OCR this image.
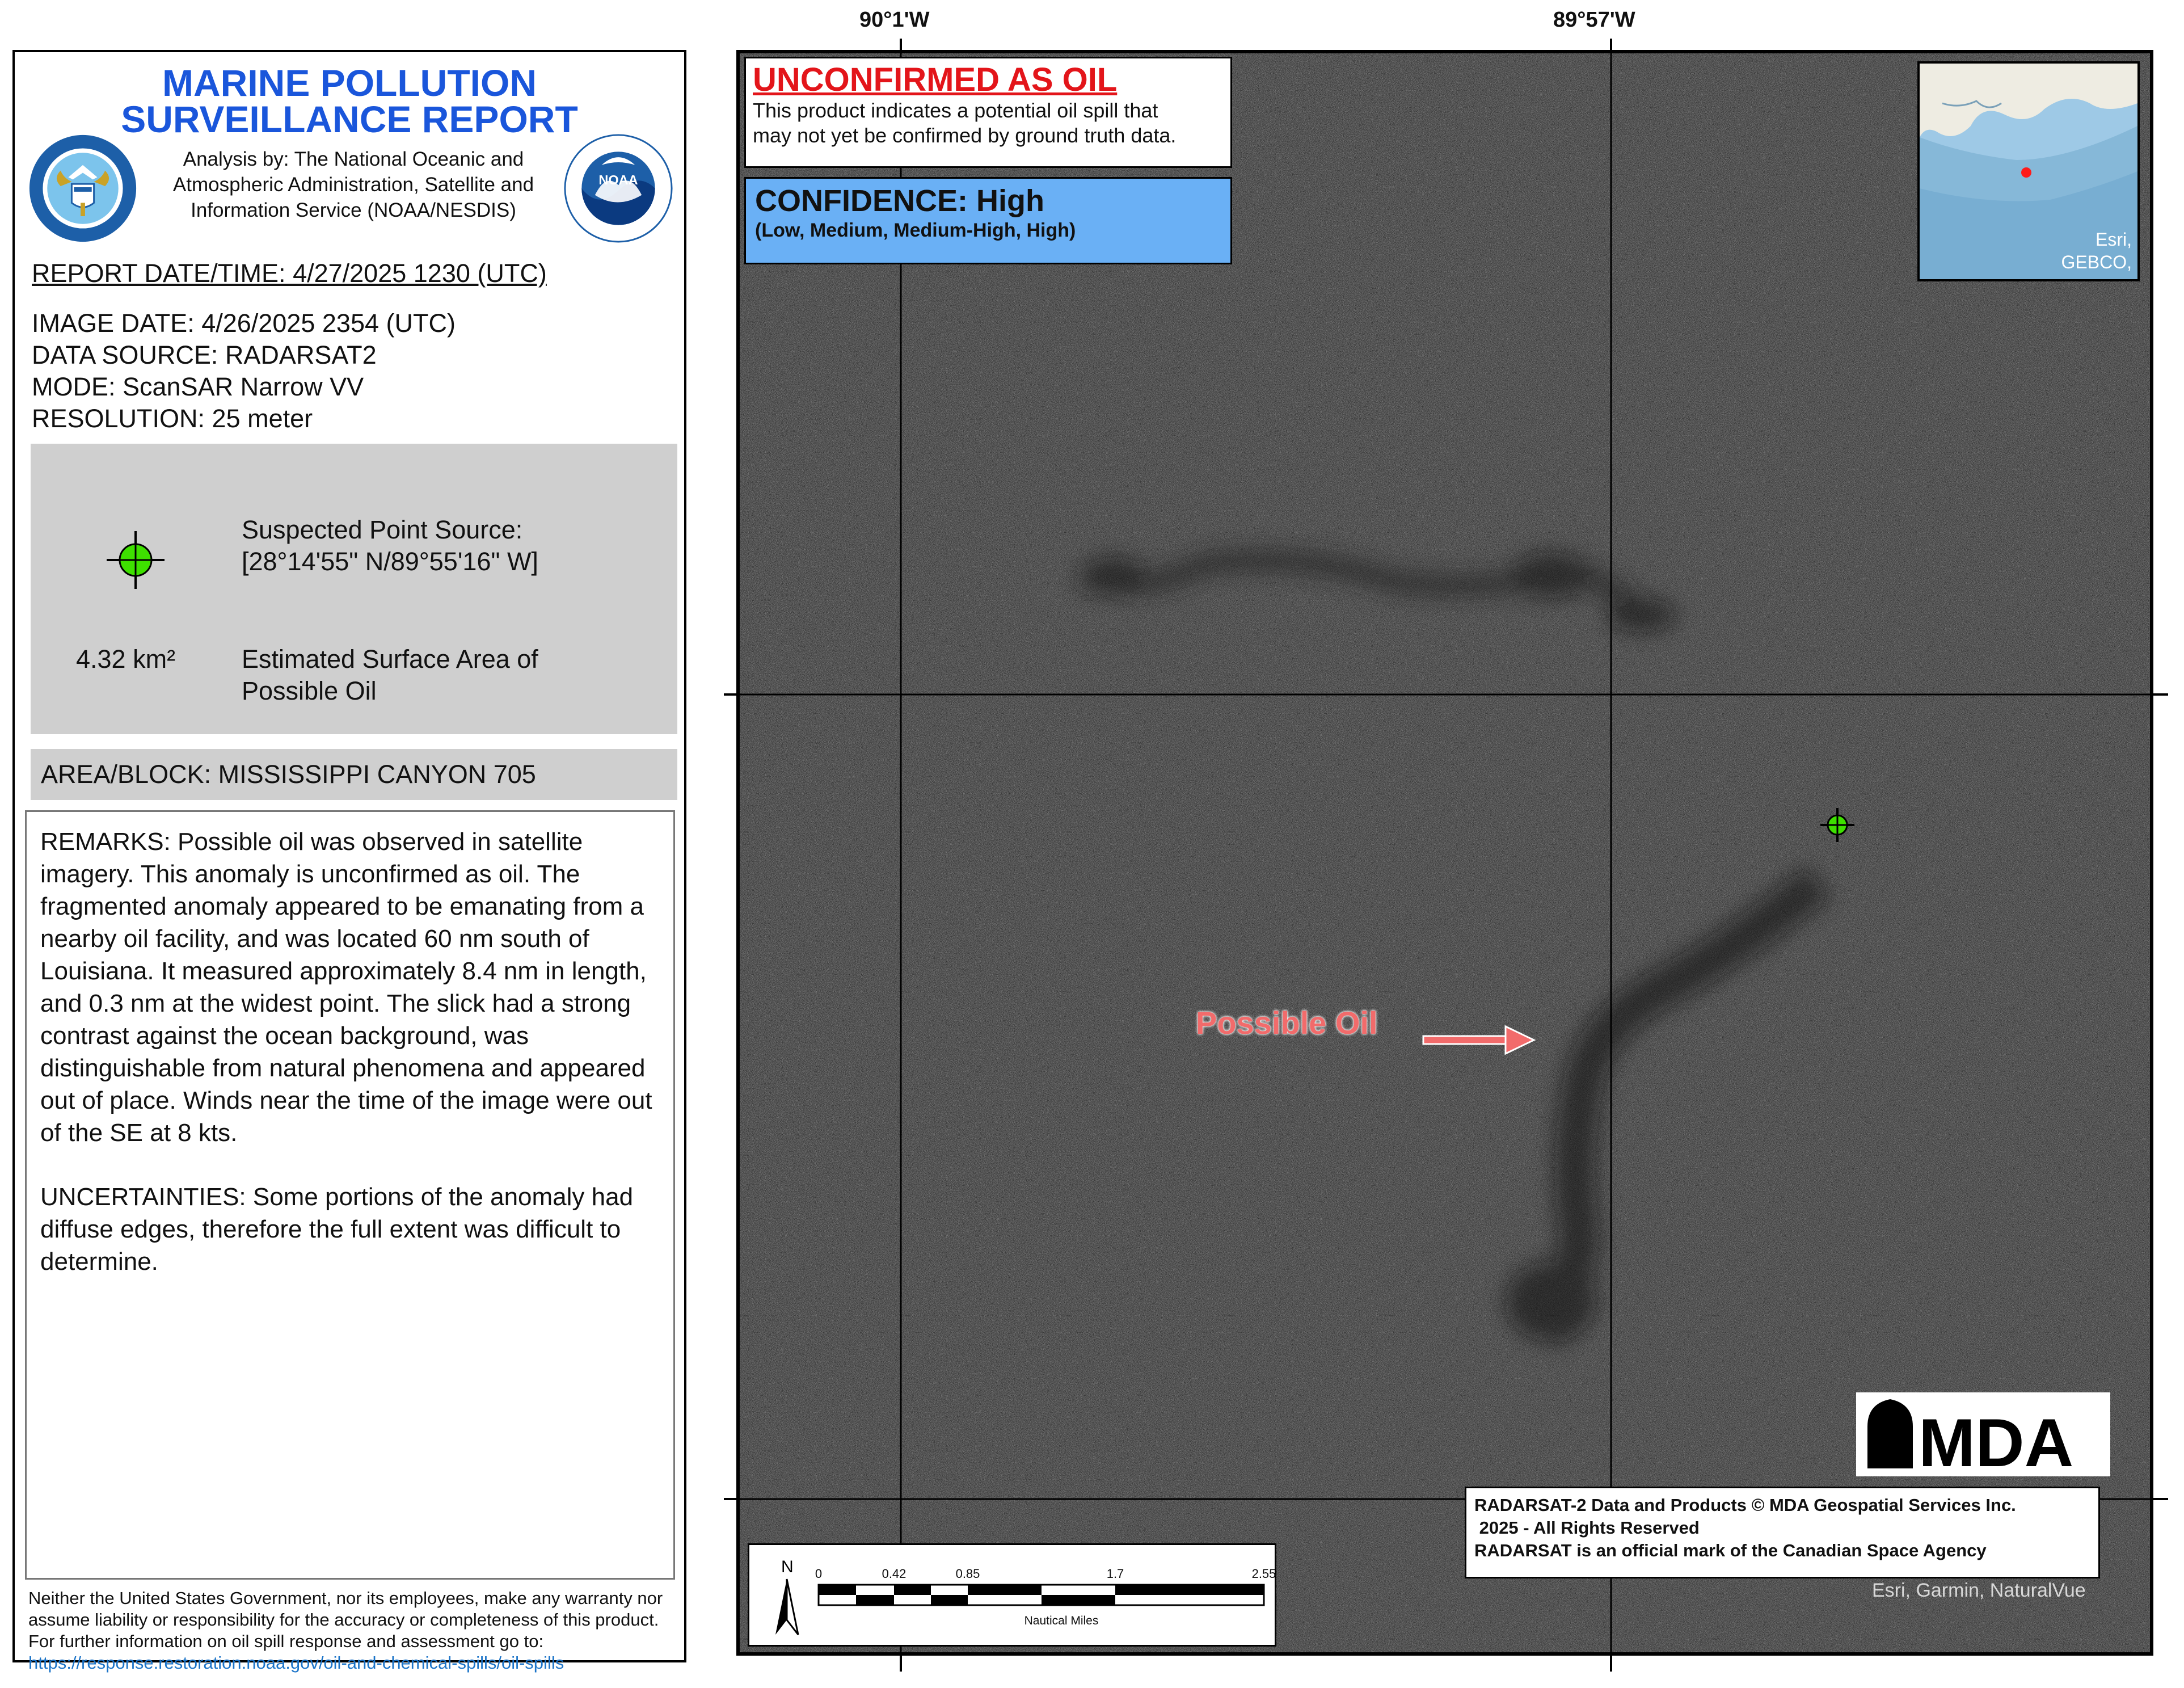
MARINE POLLUTION
SURVEILLANCE REPORT
Analysis by: The National Oceanic and
Atmospheric Administration, Satellite and
Information Service (NOAA/NESDIS)
NOAA
REPORT DATE/TIME: 4/27/2025 1230 (UTC)
IMAGE DATE: 4/26/2025 2354 (UTC)
DATA SOURCE: RADARSAT2
MODE: ScanSAR Narrow VV
RESOLUTION: 25 meter
Suspected Point Source:
[28°14'55" N/89°55'16" W]
4.32 km²	Estimated Surface Area of
Possible Oil
AREA/BLOCK: MISSISSIPPI CANYON 705

REMARKS: Possible oil was observed in satellite imagery. This anomaly is unconfirmed as oil. The fragmented anomaly appeared to be emanating from a nearby oil facility, and was located 60 nm south of Louisiana. It measured approximately 8.4 nm in length, and 0.3 nm at the widest point. The slick had a strong contrast against the ocean background, was distinguishable from natural phenomena and appeared out of place. Winds near the time of the image were out of the SE at 8 kts.

UNCERTAINTIES: Some portions of the anomaly had diffuse edges, therefore the full extent was difficult to determine.

Neither the United States Government, nor its employees, make any warranty nor assume liability or responsibility for the accuracy or completeness of this product.
For further information on oil spill response and assessment go to: https://response.restoration.noaa.gov/oil-and-chemical-spills/oil-spills
90°1'W	89°57'W
UNCONFIRMED AS OIL
This product indicates a potential oil spill that
may not yet be confirmed by ground truth data.
CONFIDENCE: High
(Low, Medium, Medium-High, High)	Esri,
GEBCO,
Possible Oil
MDA
RADARSAT-2 Data and Products © MDA Geospatial Services Inc.
2025 - All Rights Reserved
RADARSAT is an official mark of the Canadian Space Agency
Esri, Garmin, NaturalVue
N 0	0.42	0.85	1.7	2.55
Nautical Miles
